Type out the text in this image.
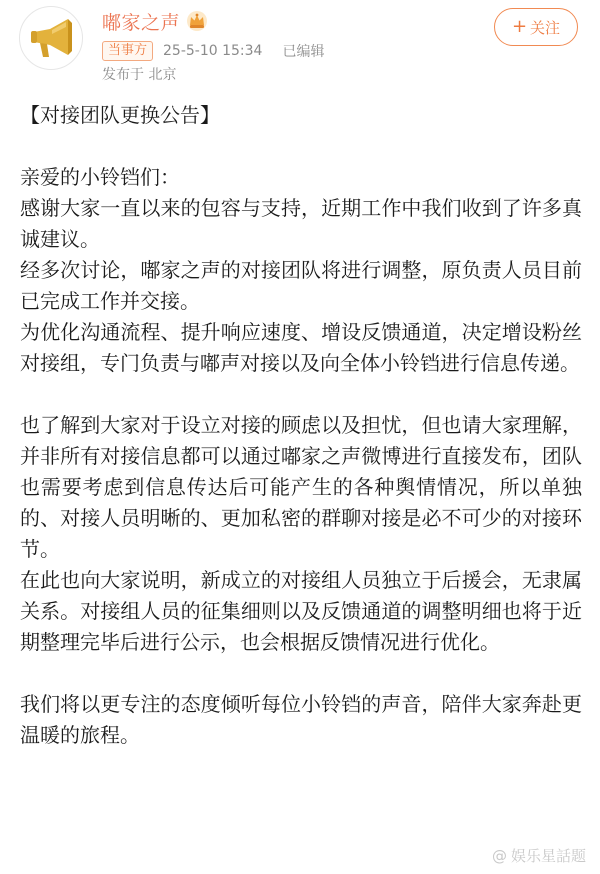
嘟家之声
当事方	25-5-10 15:34 已编辑
发布于 北京
+ 关注

【对接团队更换公告】

亲爱的小铃铛们：

感谢大家一直以来的包容与支持，近期工作中我们收到了许多真诚建议。

经多次讨论，嘟家之声的对接团队将进行调整，原负责人员目前已完成工作并交接。

为优化沟通流程、提升响应速度、增设反馈通道，决定增设粉丝对接组，专门负责与嘟声对接以及向全体小铃铛进行信息传递。

也了解到大家对于设立对接的顾虑以及担忧，但也请大家理解，并非所有对接信息都可以通过嘟家之声微博进行直接发布，团队也需要考虑到信息传达后可能产生的各种舆情情况，所以单独的、对接人员明晰的、更加私密的群聊对接是必不可少的对接环节。

在此也向大家说明，新成立的对接组人员独立于后援会，无隶属关系。对接组人员的征集细则以及反馈通道的调整明细也将于近期整理完毕后进行公示，也会根据反馈情况进行优化。

我们将以更专注的态度倾听每位小铃铛的声音，陪伴大家奔赴更温暖的旅程。

@ 娱乐星話题
